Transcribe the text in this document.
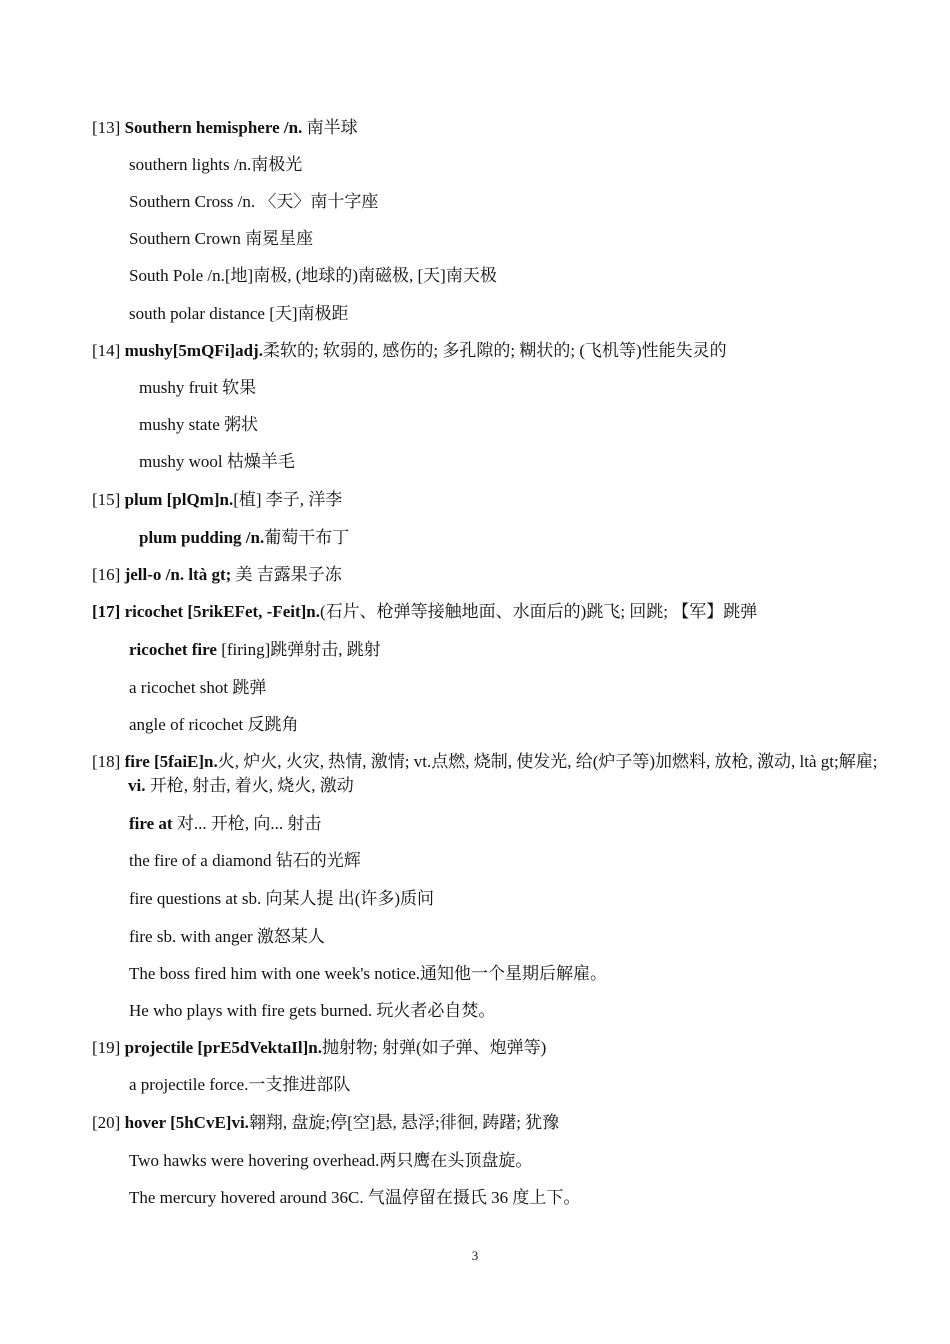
[13] Southern hemisphere /n. 南半球
southern lights /n.南极光
Southern Cross /n. 〈天〉南十字座
Southern Crown 南冕星座
South Pole /n.[地]南极, (地球的)南磁极, [天]南天极
south polar distance [天]南极距
[14] mushy[5mQFi]adj.柔软的; 软弱的, 感伤的; 多孔隙的; 糊状的; (飞机等)性能失灵的
mushy fruit 软果
mushy state 粥状
mushy wool 枯燥羊毛
[15] plum [plQm]n.[植] 李子, 洋李
plum pudding /n.葡萄干布丁
[16] jell-o /n. ltà gt; 美 吉露果子冻
[17] ricochet [5rikEFet, -Feit]n.(石片、枪弹等接触地面、水面后的)跳飞; 回跳; 【军】跳弹
ricochet fire [firing]跳弹射击, 跳射
a ricochet shot 跳弹
angle of ricochet 反跳角
[18] fire [5faiE]n.火, 炉火, 火灾, 热情, 激情; vt.点燃, 烧制, 使发光, 给(炉子等)加燃料, 放枪, 激动, ltà gt;解雇; vi. 开枪, 射击, 着火, 烧火, 激动
fire at 对... 开枪, 向... 射击
the fire of a diamond 钻石的光辉
fire questions at sb. 向某人提 出(许多)质问
fire sb. with anger 激怒某人
The boss fired him with one week's notice.通知他一个星期后解雇。
He who plays with fire gets burned. 玩火者必自焚。
[19] projectile [prE5dVektaIl]n.抛射物; 射弹(如子弹、炮弹等)
a projectile force.一支推进部队
[20] hover [5hCvE]vi.翱翔, 盘旋;停[空]悬, 悬浮;徘徊, 踌躇; 犹豫
Two hawks were hovering overhead.两只鹰在头顶盘旋。
The mercury hovered around 36C. 气温停留在摄氏 36 度上下。
3
